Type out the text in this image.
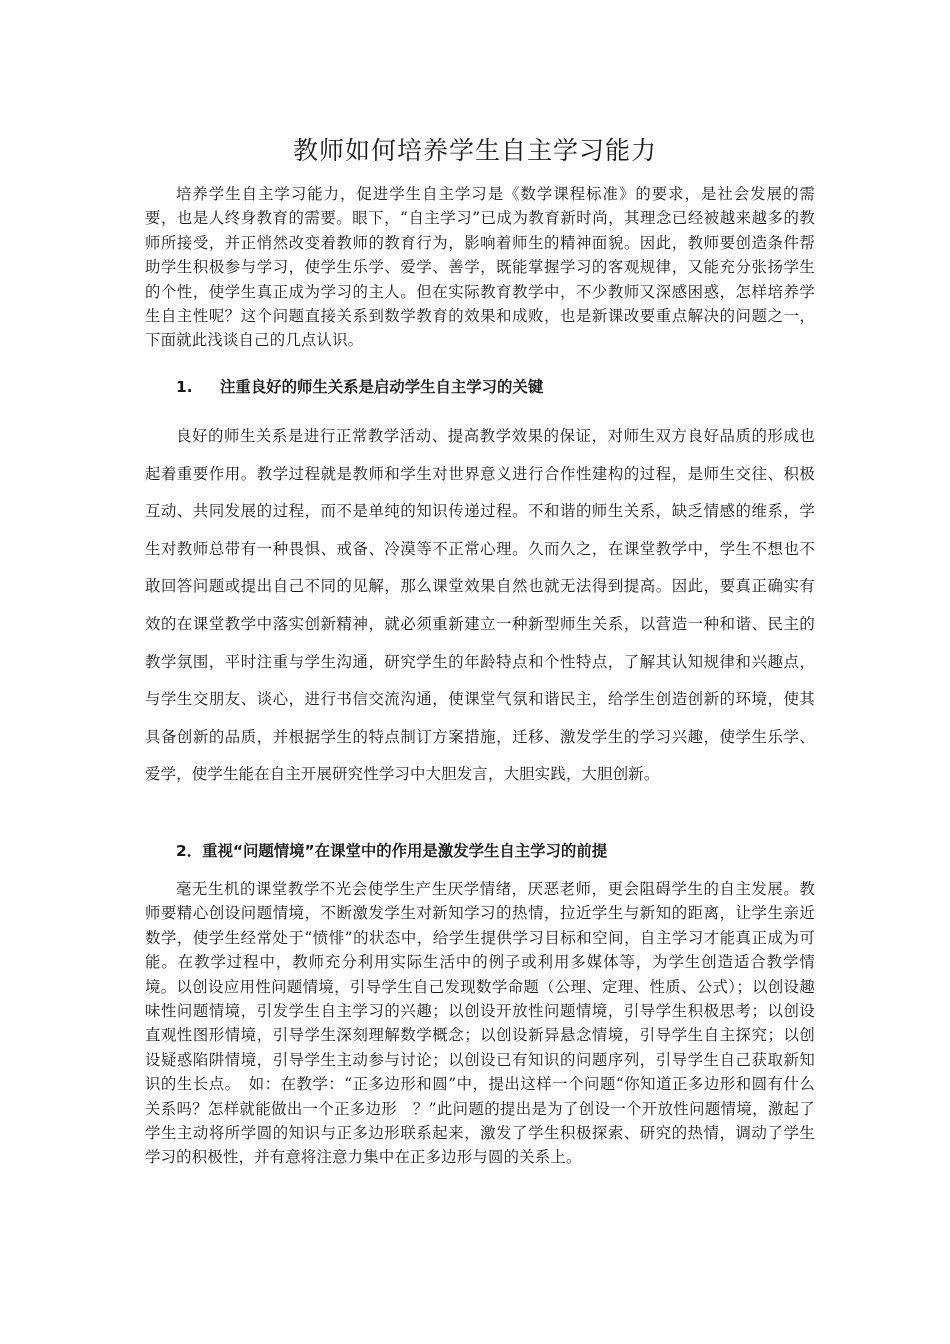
教师如何培养学生自主学习能力

培养学生自主学习能力，促进学生自主学习是《数学课程标准》的要求，是社会发展的需要，也是人终身教育的需要。眼下，“自主学习”已成为教育新时尚，其理念已经被越来越多的教师所接受，并正悄然改变着教师的教育行为，影响着师生的精神面貌。因此，教师要创造条件帮助学生积极参与学习，使学生乐学、爱学、善学，既能掌握学习的客观规律，又能充分张扬学生的个性，使学生真正成为学习的主人。但在实际教育教学中，不少教师又深感困惑，怎样培养学生自主性呢？这个问题直接关系到数学教育的效果和成败，也是新课改要重点解决的问题之一，下面就此浅谈自己的几点认识。

1. 注重良好的师生关系是启动学生自主学习的关键

良好的师生关系是进行正常教学活动、提高教学效果的保证，对师生双方良好品质的形成也起着重要作用。教学过程就是教师和学生对世界意义进行合作性建构的过程，是师生交往、积极互动、共同发展的过程，而不是单纯的知识传递过程。不和谐的师生关系，缺乏情感的维系，学生对教师总带有一种畏惧、戒备、冷漠等不正常心理。久而久之，在课堂教学中，学生不想也不敢回答问题或提出自己不同的见解，那么课堂效果自然也就无法得到提高。因此，要真正确实有效的在课堂教学中落实创新精神，就必须重新建立一种新型师生关系，以营造一种和谐、民主的教学氛围，平时注重与学生沟通，研究学生的年龄特点和个性特点，了解其认知规律和兴趣点，与学生交朋友、谈心，进行书信交流沟通，使课堂气氛和谐民主，给学生创造创新的环境，使其具备创新的品质，并根据学生的特点制订方案措施，迁移、激发学生的学习兴趣，使学生乐学、爱学，使学生能在自主开展研究性学习中大胆发言，大胆实践，大胆创新。

2．重视“问题情境”在课堂中的作用是激发学生自主学习的前提

毫无生机的课堂教学不光会使学生产生厌学情绪，厌恶老师，更会阻碍学生的自主发展。教师要精心创设问题情境，不断激发学生对新知学习的热情，拉近学生与新知的距离，让学生亲近数学，使学生经常处于“愤悱”的状态中，给学生提供学习目标和空间，自主学习才能真正成为可能。在教学过程中，教师充分利用实际生活中的例子或利用多媒体等，为学生创造适合教学情境。以创设应用性问题情境，引导学生自己发现数学命题（公理、定理、性质、公式）；以创设趣味性问题情境，引发学生自主学习的兴趣；以创设开放性问题情境，引导学生积极思考；以创设直观性图形情境，引导学生深刻理解数学概念；以创设新异悬念情境，引导学生自主探究；以创设疑惑陷阱情境，引导学生主动参与讨论；以创设已有知识的问题序列，引导学生自己获取新知识的生长点。　如：在教学：“正多边形和圆”中，提出这样一个问题“你知道正多边形和圆有什么关系吗？怎样就能做出一个正多边形　？”此问题的提出是为了创设一个开放性问题情境，激起了学生主动将所学圆的知识与正多边形联系起来，激发了学生积极探索、研究的热情，调动了学生学习的积极性，并有意将注意力集中在正多边形与圆的关系上。
